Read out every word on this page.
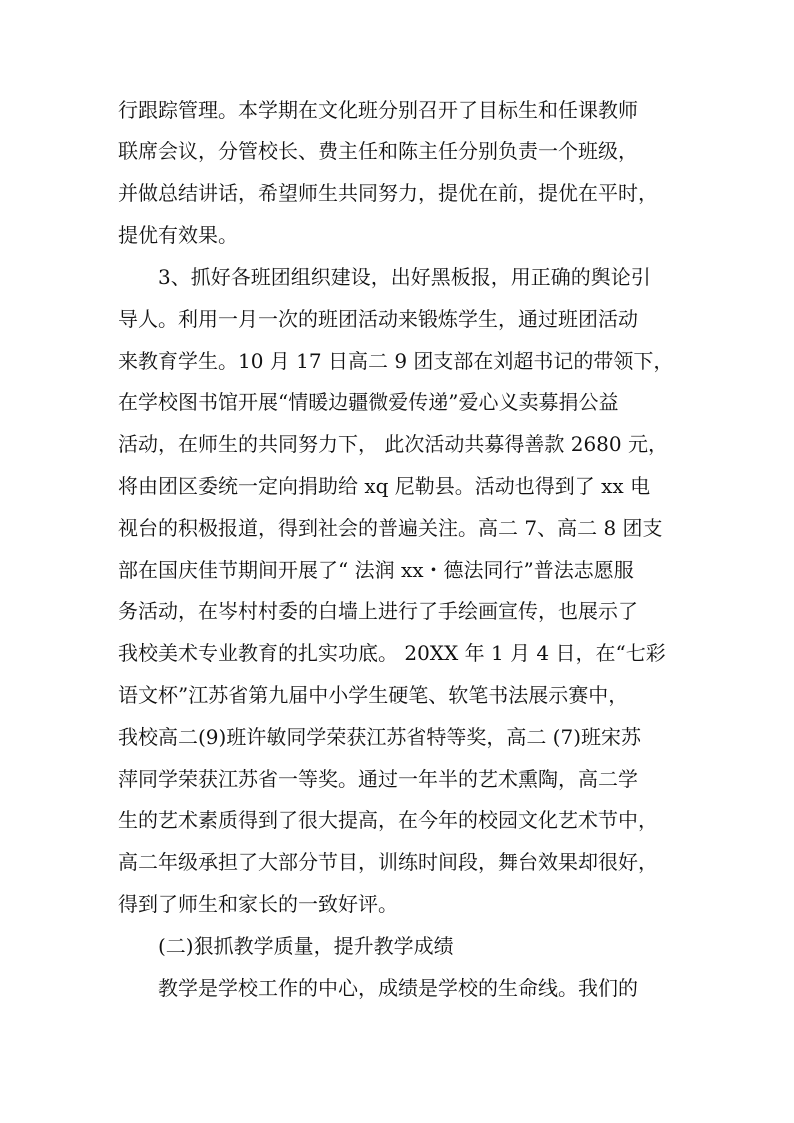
行跟踪管理。本学期在文化班分别召开了目标生和任课教师
联席会议，分管校长、费主任和陈主任分别负责一个班级，
并做总结讲话，希望师生共同努力，提优在前，提优在平时，
提优有效果。
3、抓好各班团组织建设，出好黑板报，用正确的舆论引
导人。利用一月一次的班团活动来锻炼学生，通过班团活动
来教育学生。10 月 17 日高二 9 团支部在刘超书记的带领下，
在学校图书馆开展“情暖边疆微爱传递”爱心义卖募捐公益
活动，在师生的共同努力下， 此次活动共募得善款 2680 元，
将由团区委统一定向捐助给 xq 尼勒县。活动也得到了 xx 电
视台的积极报道，得到社会的普遍关注。高二 7、高二 8 团支
部在国庆佳节期间开展了“ 法润 xx・德法同行”普法志愿服
务活动，在岑村村委的白墙上进行了手绘画宣传，也展示了
我校美术专业教育的扎实功底。 20XX 年 1 月 4 日，在“七彩
语文杯”江苏省第九届中小学生硬笔、软笔书法展示赛中，
我校高二(9)班许敏同学荣获江苏省特等奖，高二 (7)班宋苏
萍同学荣获江苏省一等奖。通过一年半的艺术熏陶，高二学
生的艺术素质得到了很大提高，在今年的校园文化艺术节中，
高二年级承担了大部分节目，训练时间段，舞台效果却很好，
得到了师生和家长的一致好评。
(二)狠抓教学质量，提升教学成绩
教学是学校工作的中心，成绩是学校的生命线。我们的
